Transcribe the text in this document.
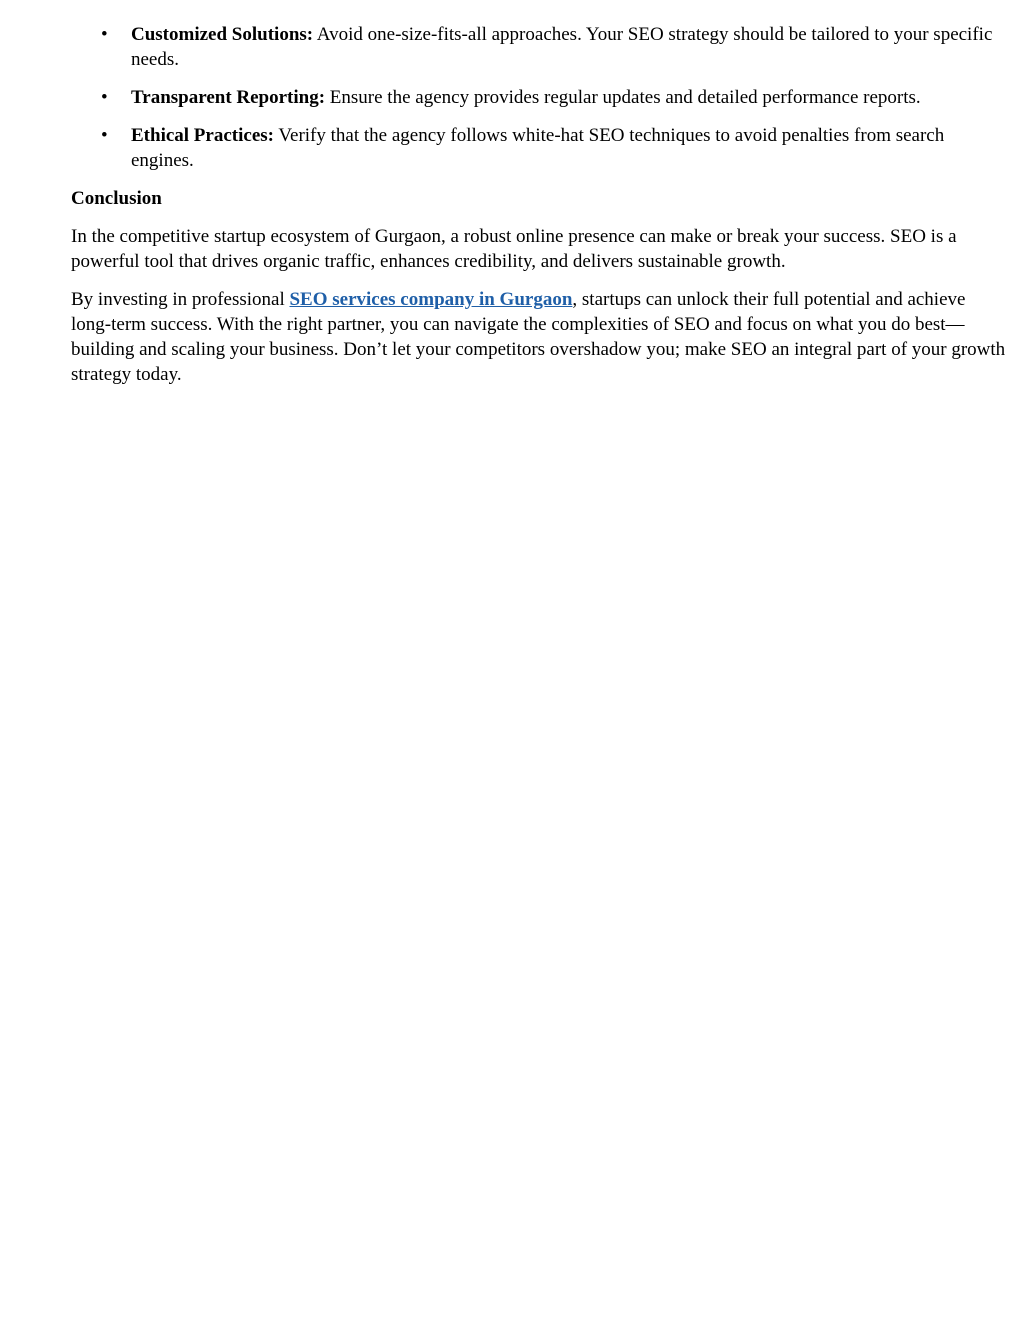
• Customized Solutions: Avoid one-size-fits-all approaches. Your SEO strategy should be tailored to your specific needs.
• Transparent Reporting: Ensure the agency provides regular updates and detailed performance reports.
• Ethical Practices: Verify that the agency follows white-hat SEO techniques to avoid penalties from search engines.

Conclusion

In the competitive startup ecosystem of Gurgaon, a robust online presence can make or break your success. SEO is a powerful tool that drives organic traffic, enhances credibility, and delivers sustainable growth.

By investing in professional SEO services company in Gurgaon, startups can unlock their full potential and achieve long-term success. With the right partner, you can navigate the complexities of SEO and focus on what you do best—building and scaling your business. Don’t let your competitors overshadow you; make SEO an integral part of your growth strategy today.
